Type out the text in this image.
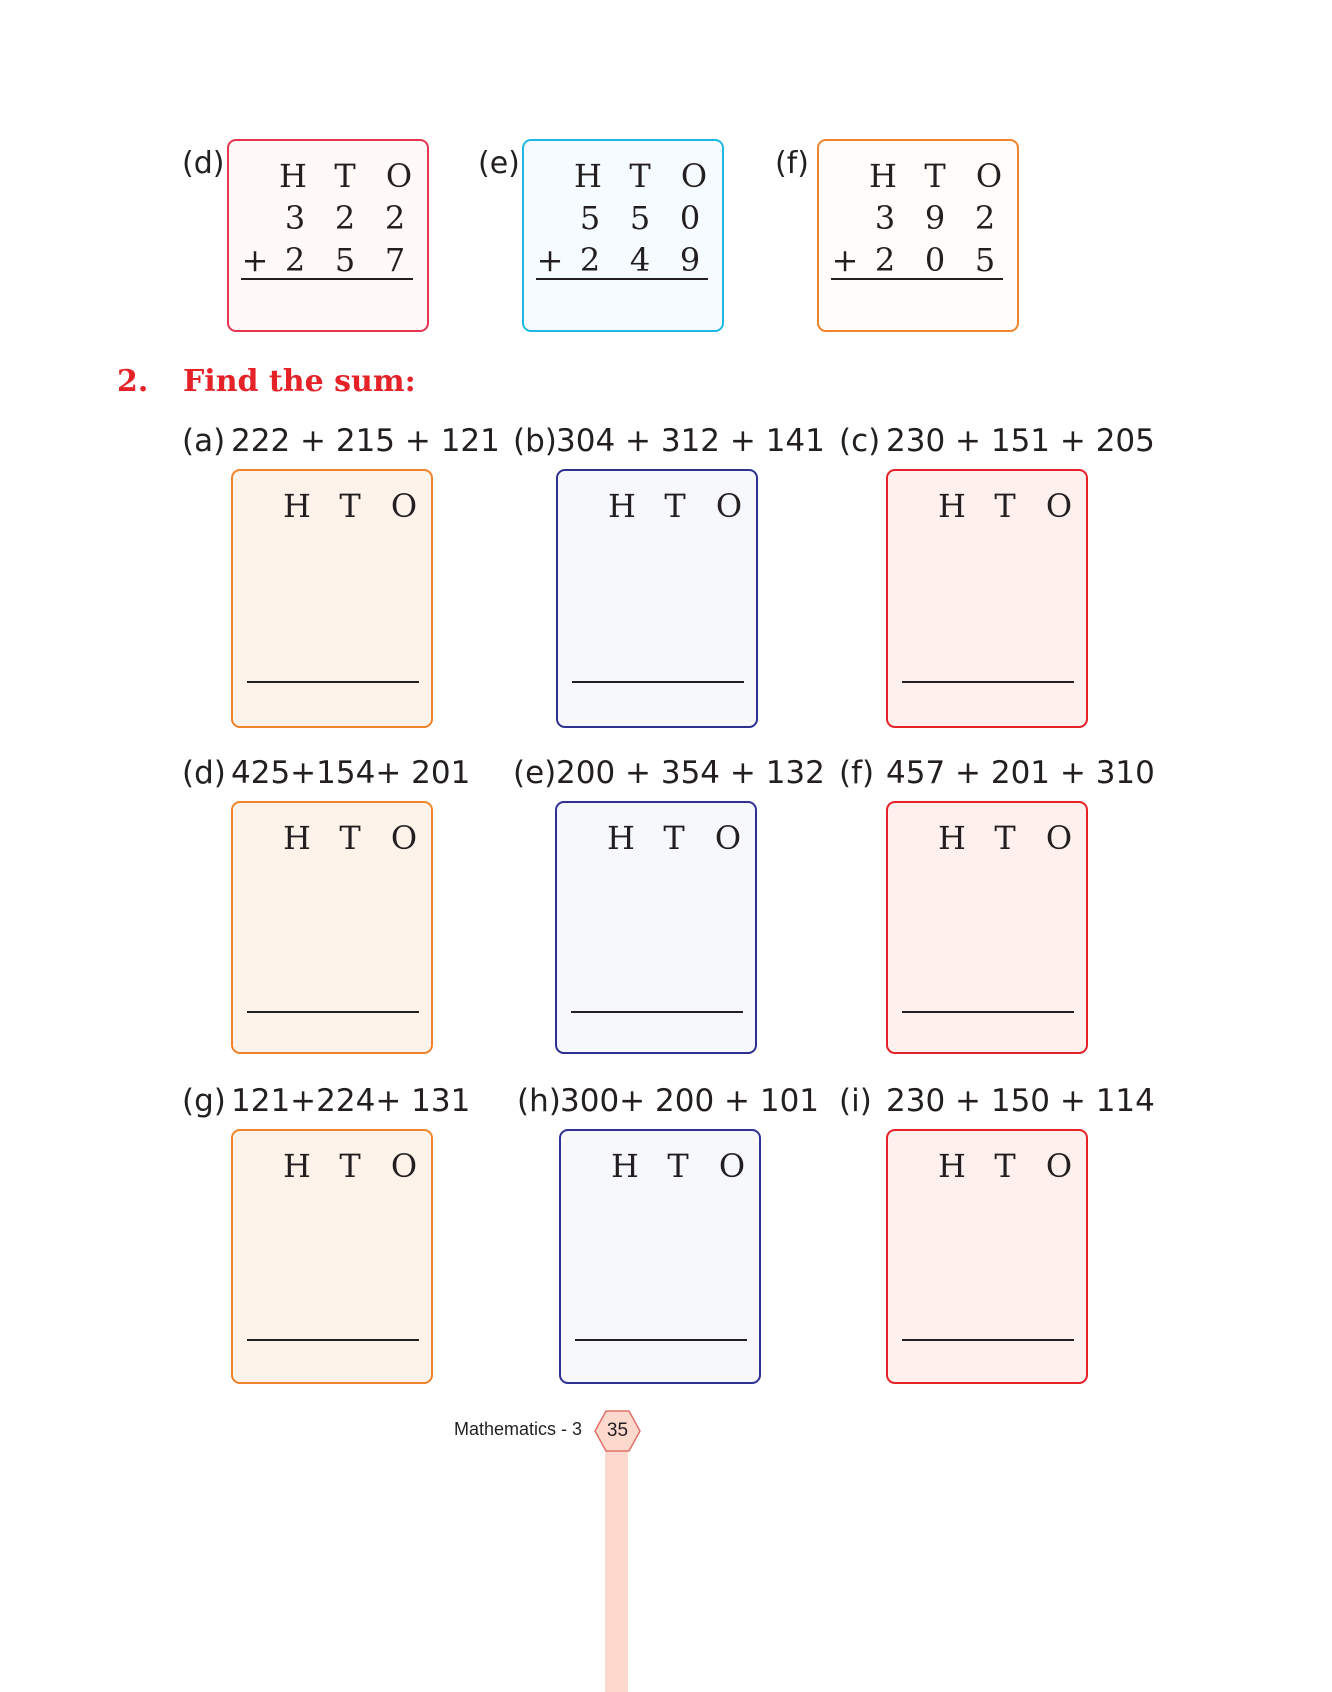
(d) H T O
3 2 2
+ 2 5 7
(e) H T O
5 5 0
+ 2 4 9
(f) H T O
3 9 2
+ 2 0 5
2. Find the sum:
(a) 222 + 215 + 121
H T O
(b) 304 + 312 + 141
H T O
(c) 230 + 151 + 205
H T O
(d) 425+154+ 201
H T O
(e) 200 + 354 + 132
H T O
(f) 457 + 201 + 310
H T O
(g) 121+224+ 131
H T O
(h) 300+ 200 + 101
H T O
(i) 230 + 150 + 114
H T O
Mathematics - 3	35
